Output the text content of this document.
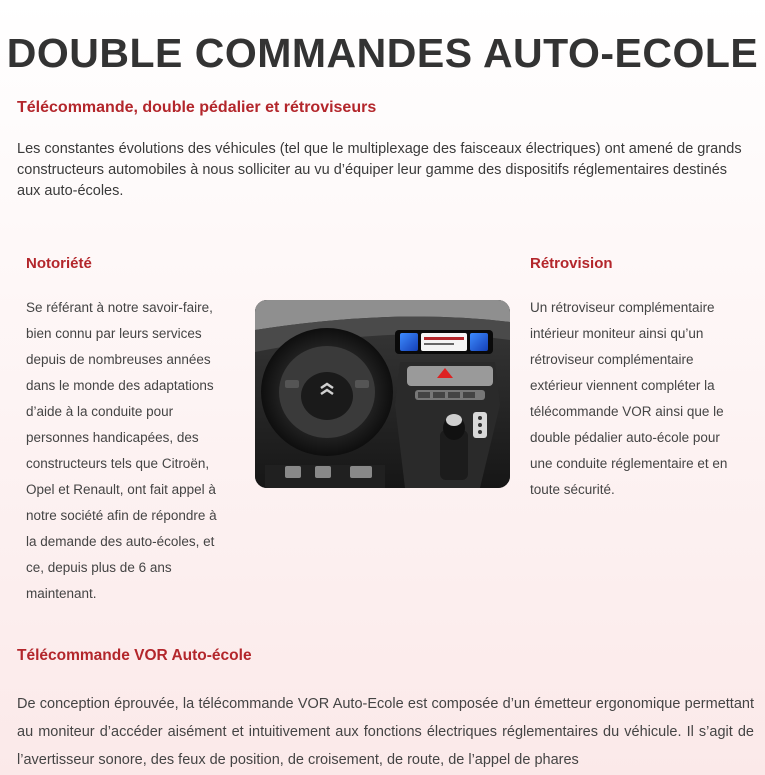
DOUBLE COMMANDES AUTO-ECOLE
Télécommande, double pédalier et rétroviseurs

Les constantes évolutions des véhicules (tel que le multiplexage des faisceaux électriques) ont amené de grands constructeurs automobiles à nous solliciter au vu d’équiper leur gamme des dispositifs réglementaires destinés aux auto-écoles.

Notoriété

Se référant à notre savoir-faire, bien connu par leurs services depuis de nombreuses années dans le monde des adaptations d’aide à la conduite pour personnes handicapées, des constructeurs tels que Citroën, Opel et Renault, ont fait appel à notre société afin de répondre à la demande des auto-écoles, et ce, depuis plus de 6 ans maintenant.

Rétrovision

Un rétroviseur complémentaire intérieur moniteur ainsi qu’un rétroviseur complémentaire extérieur viennent compléter la télécommande VOR ainsi que le double pédalier auto-école pour une conduite réglementaire et en toute sécurité.

Télécommande VOR Auto-école

De conception éprouvée, la télécommande VOR Auto-Ecole est composée d’un émetteur ergonomique permettant au moniteur d’accéder aisément et intuitivement aux fonctions électriques réglementaires du véhicule. Il s’agit de l’avertisseur sonore, des feux de position, de croisement, de route, de l’appel de phares
